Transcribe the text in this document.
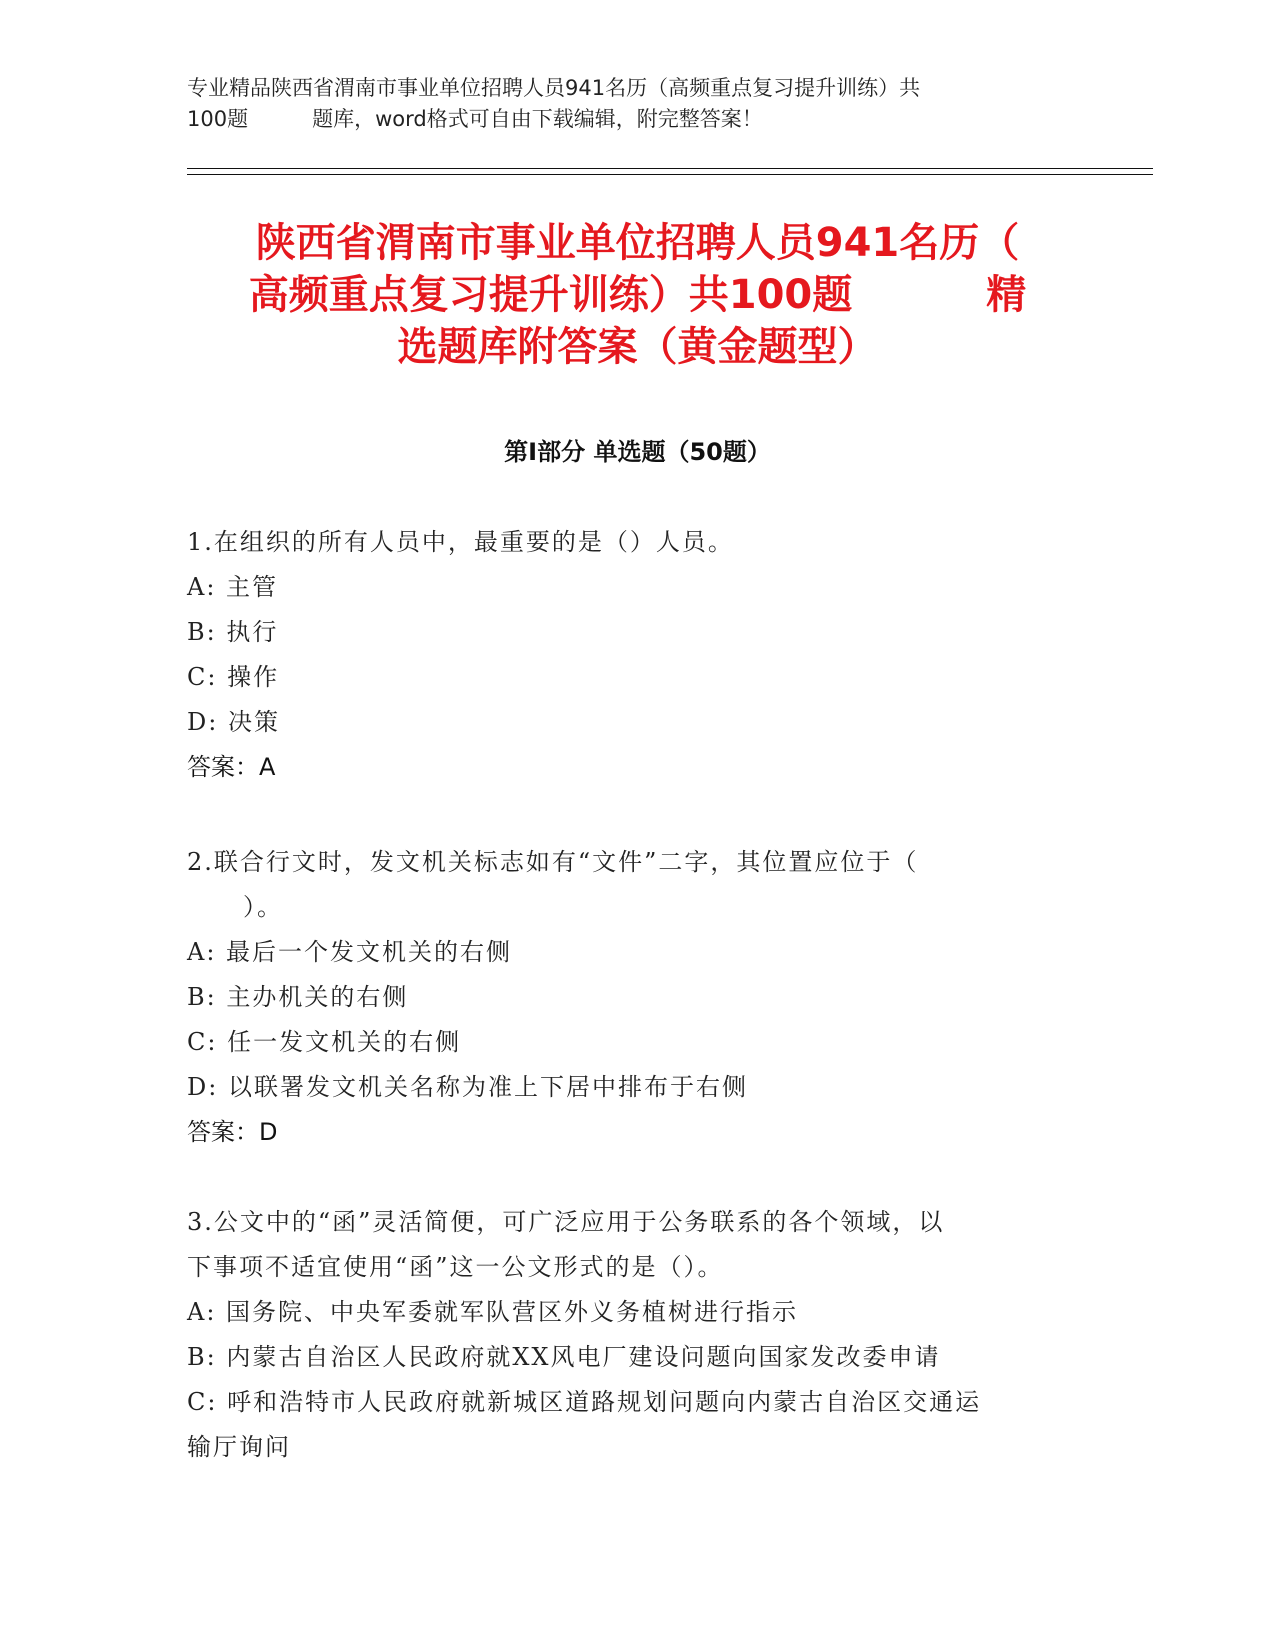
专业精品陕西省渭南市事业单位招聘人员941名历（高频重点复习提升训练）共
100题	题库，word格式可自由下载编辑，附完整答案！
陕西省渭南市事业单位招聘人员941名历（
高频重点复习提升训练）共100题	精
选题库附答案（黄金题型）
第Ⅰ部分 单选题（50题）
1.在组织的所有人员中，最重要的是（）人员。
A: 主管
B: 执行
C: 操作
D: 决策
答案：A
2.联合行文时，发文机关标志如有“文件”二字，其位置应位于（
）。
A: 最后一个发文机关的右侧
B: 主办机关的右侧
C: 任一发文机关的右侧
D: 以联署发文机关名称为准上下居中排布于右侧
答案：D
3.公文中的“函”灵活简便，可广泛应用于公务联系的各个领域，以
下事项不适宜使用“函”这一公文形式的是（）。
A: 国务院、中央军委就军队营区外义务植树进行指示
B: 内蒙古自治区人民政府就XX风电厂建设问题向国家发改委申请
C: 呼和浩特市人民政府就新城区道路规划问题向内蒙古自治区交通运
输厅询问
